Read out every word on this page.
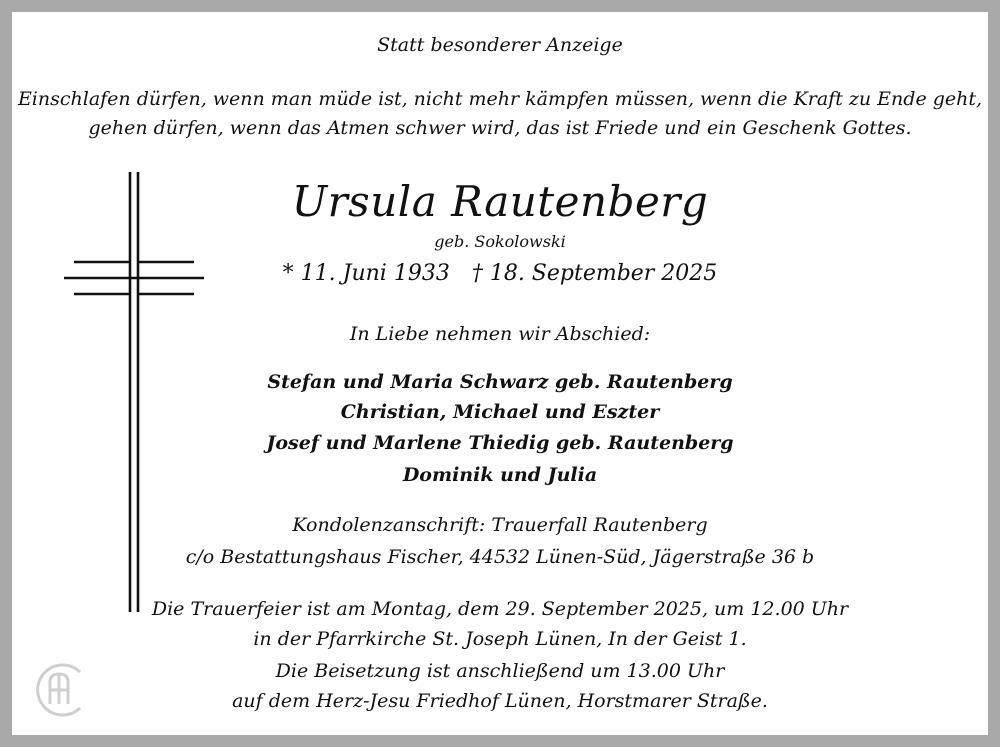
Statt besonderer Anzeige
Einschlafen dürfen, wenn man müde ist, nicht mehr kämpfen müssen, wenn die Kraft zu Ende geht,
gehen dürfen, wenn das Atmen schwer wird, das ist Friede und ein Geschenk Gottes.
Ursula Rautenberg
geb. Sokolowski
* 11. Juni 1933 † 18. September 2025
In Liebe nehmen wir Abschied:
Stefan und Maria Schwarz geb. Rautenberg
Christian, Michael und Eszter
Josef und Marlene Thiedig geb. Rautenberg
Dominik und Julia
Kondolenzanschrift: Trauerfall Rautenberg
c/o Bestattungshaus Fischer, 44532 Lünen-Süd, Jägerstraße 36 b
Die Trauerfeier ist am Montag, dem 29. September 2025, um 12.00 Uhr
in der Pfarrkirche St. Joseph Lünen, In der Geist 1.
Die Beisetzung ist anschließend um 13.00 Uhr
auf dem Herz-Jesu Friedhof Lünen, Horstmarer Straße.
